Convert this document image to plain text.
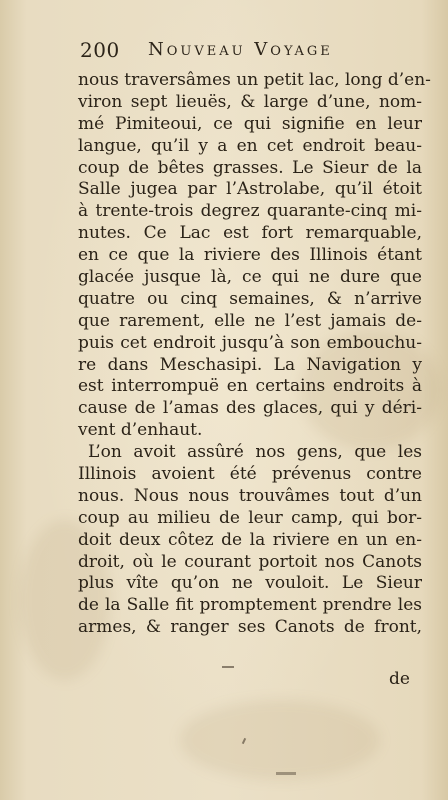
200 Nouveau Voyage
nous traversâmes un petit lac, long d’en-
viron sept lieuës, & large d’une, nom-
mé Pimiteoui, ce qui signifie en leur
langue, qu’il y a en cet endroit beau-
coup de bêtes grasses. Le Sieur de la
Salle jugea par l’Astrolabe, qu’il étoit
à trente-trois degrez quarante-cinq mi-
nutes. Ce Lac est fort remarquable,
en ce que la riviere des Illinois étant
glacée jusque là, ce qui ne dure que
quatre ou cinq semaines, & n’arrive
que rarement, elle ne l’est jamais de-
puis cet endroit jusqu’à son embouchu-
re dans Meschasipi. La Navigation y
est interrompuë en certains endroits à
cause de l’amas des glaces, qui y déri-
vent d’enhaut.
L’on avoit assûré nos gens, que les
Illinois avoient été prévenus contre
nous. Nous nous trouvâmes tout d’un
coup au milieu de leur camp, qui bor-
doit deux côtez de la riviere en un en-
droit, où le courant portoit nos Canots
plus vîte qu’on ne vouloit. Le Sieur
de la Salle fit promptement prendre les
armes, & ranger ses Canots de front,
de
